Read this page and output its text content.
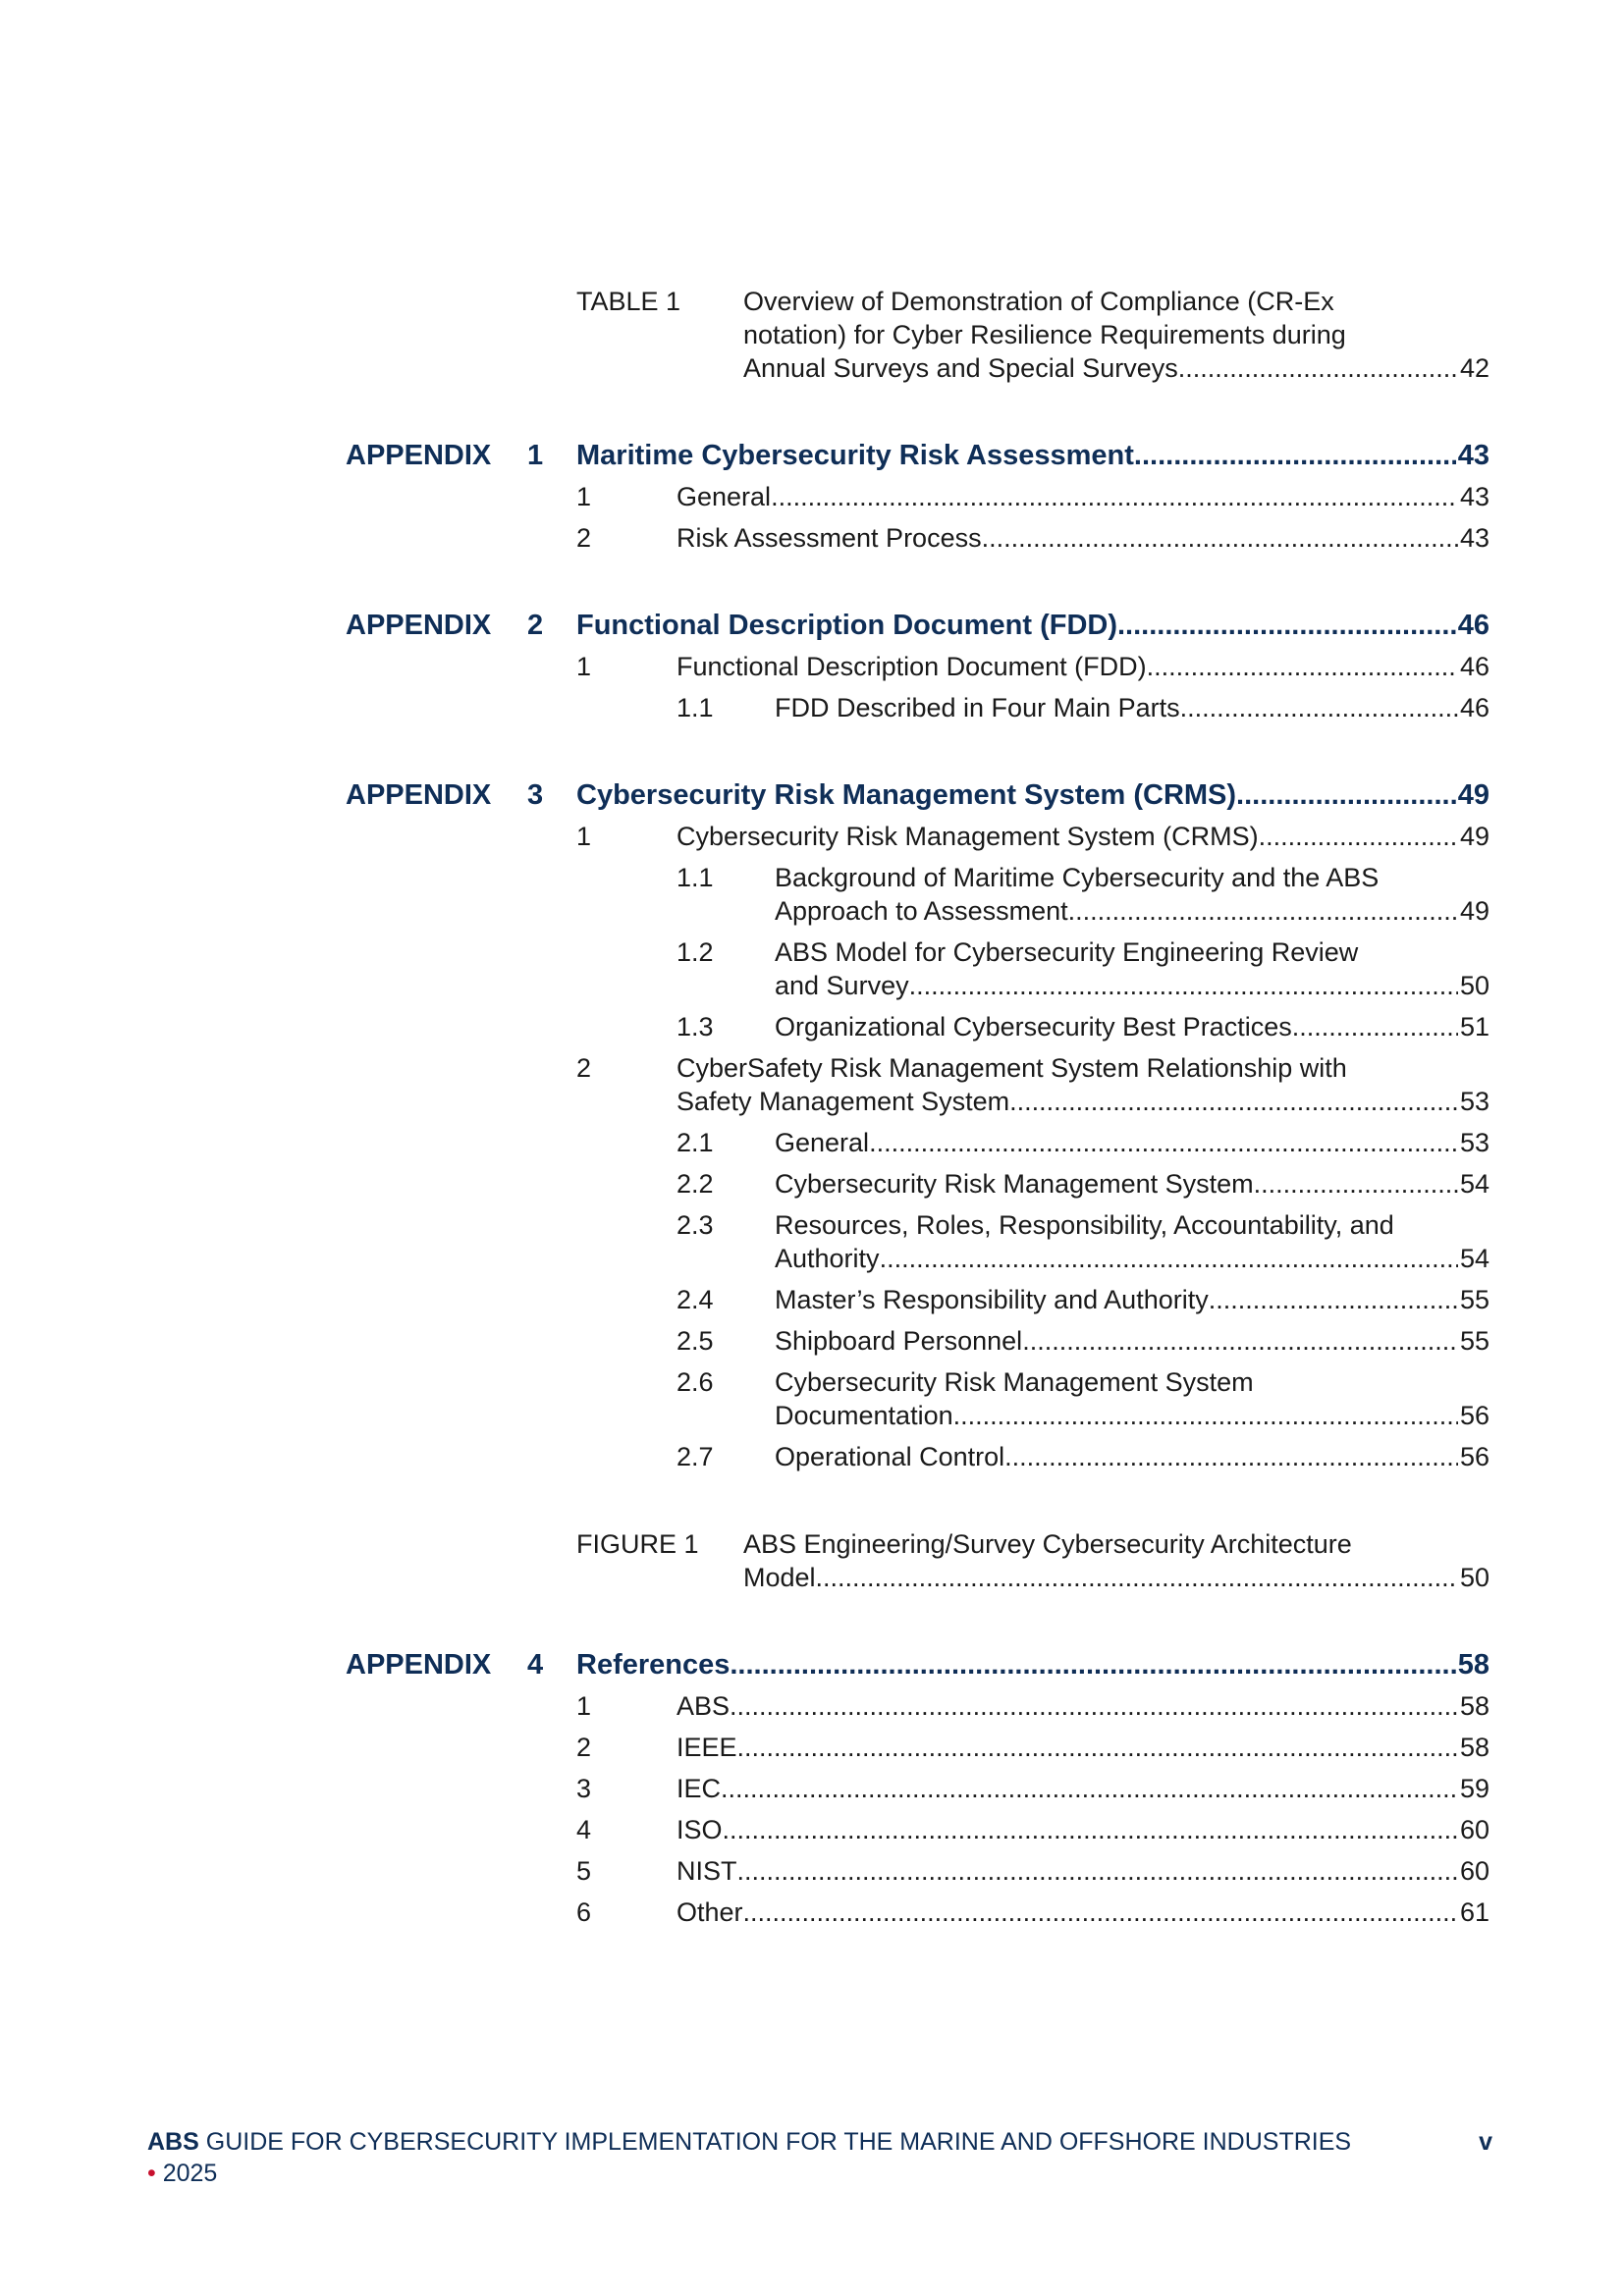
TABLE 1 Overview of Demonstration of Compliance (CR-Ex
notation) for Cyber Resilience Requirements during
Annual Surveys and Special Surveys .....	42
APPENDIX 1 Maritime Cybersecurity Risk Assessment .....	43
1	General .....	43
2	Risk Assessment Process .....	43
APPENDIX 2 Functional Description Document (FDD) .....	46
1	Functional Description Document (FDD) .....	46
1.1 FDD Described in Four Main Parts .....	46
APPENDIX 3 Cybersecurity Risk Management System (CRMS) .....	49
1	Cybersecurity Risk Management System (CRMS) .....	49
1.1 Background of Maritime Cybersecurity and the ABS
Approach to Assessment .....	49
1.2 ABS Model for Cybersecurity Engineering Review
and Survey .....	50
1.3 Organizational Cybersecurity Best Practices .....	51
2	CyberSafety Risk Management System Relationship with
Safety Management System .....	53
2.1 General .....	53
2.2 Cybersecurity Risk Management System .....	54
2.3 Resources, Roles, Responsibility, Accountability, and
Authority .....	54
2.4 Master’s Responsibility and Authority .....	55
2.5 Shipboard Personnel .....	55
2.6 Cybersecurity Risk Management System
Documentation .....	56
2.7 Operational Control .....	56
FIGURE 1 ABS Engineering/Survey Cybersecurity Architecture
Model .....	50
APPENDIX 4 References .....	58
1	ABS .....	58
2	IEEE .....	58
3	IEC .....	59
4	ISO .....	60
5	NIST .....	60
6	Other .....	61
ABS GUIDE FOR CYBERSECURITY IMPLEMENTATION FOR THE MARINE AND OFFSHORE INDUSTRIES
• 2025
v
